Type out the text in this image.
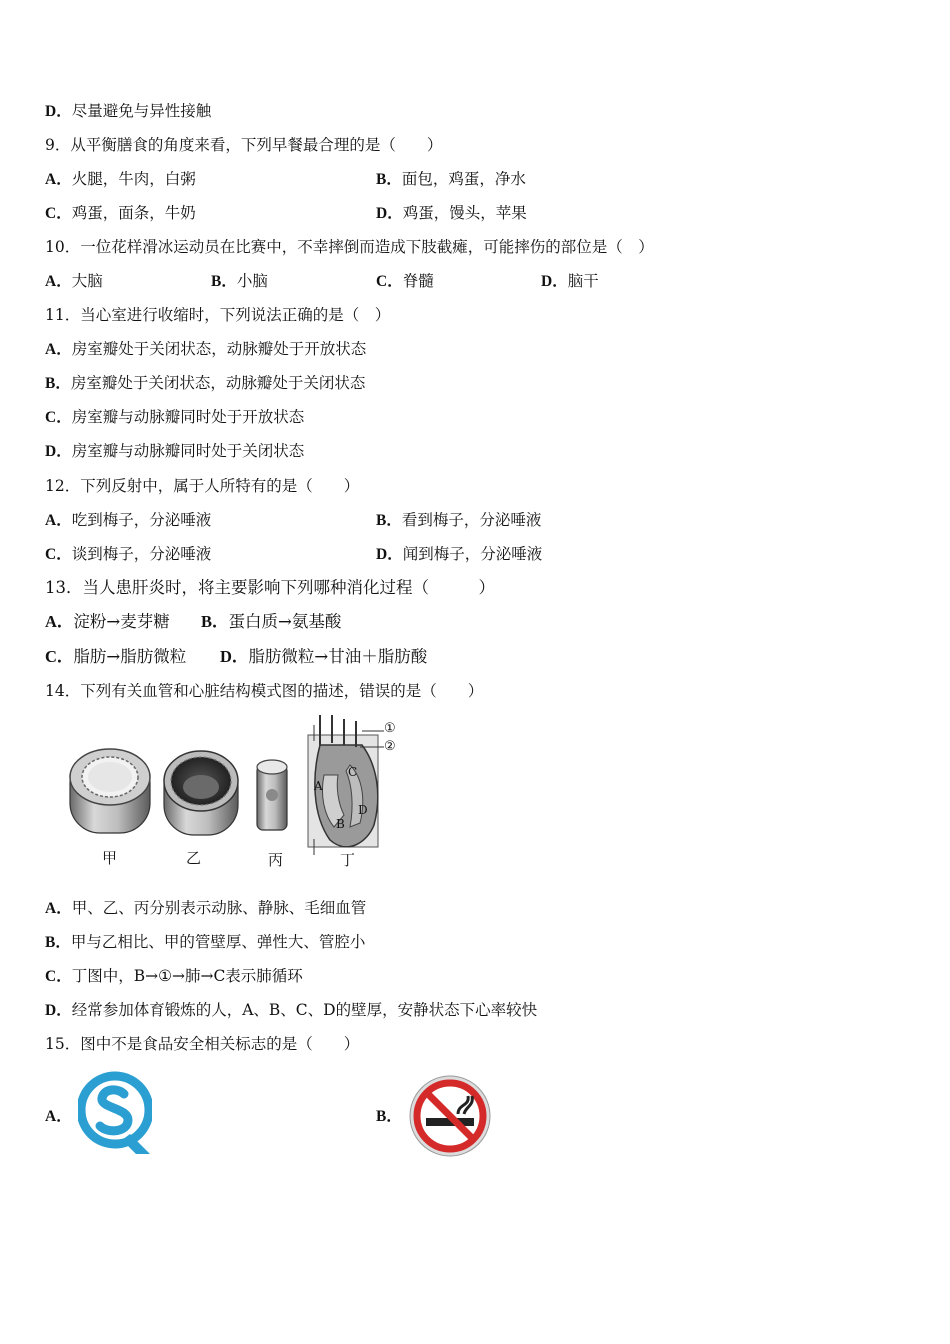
D．尽量避免与异性接触
9．从平衡膳食的角度来看，下列早餐最合理的是（　　）
A．火腿，牛肉，白粥	B．面包，鸡蛋，净水
C．鸡蛋，面条，牛奶	D．鸡蛋，馒头，苹果
10．一位花样滑冰运动员在比赛中，不幸摔倒而造成下肢截瘫，可能摔伤的部位是（　）
A．大脑	B．小脑	C．脊髓	D．脑干
11．当心室进行收缩时，下列说法正确的是（　）
A．房室瓣处于关闭状态，动脉瓣处于开放状态
B．房室瓣处于关闭状态，动脉瓣处于关闭状态
C．房室瓣与动脉瓣同时处于开放状态
D．房室瓣与动脉瓣同时处于关闭状态
12．下列反射中，属于人所特有的是（　　）
A．吃到梅子，分泌唾液	B．看到梅子，分泌唾液
C．谈到梅子，分泌唾液	D．闻到梅子，分泌唾液
13．当人患肝炎时，将主要影响下列哪种消化过程（　　　）
A．淀粉→麦芽糖 B．蛋白质→氨基酸
C．脂肪→脂肪微粒 D．脂肪微粒→甘油＋脂肪酸
14．下列有关血管和心脏结构模式图的描述，错误的是（　　）
①
②
A
B
C
D
甲	乙	丙	丁
A．甲、乙、丙分别表示动脉、静脉、毛细血管
B．甲与乙相比、甲的管壁厚、弹性大、管腔小
C．丁图中，B→①→肺→C表示肺循环
D．经常参加体育锻炼的人，A、B、C、D的壁厚，安静状态下心率较快
15．图中不是食品安全相关标志的是（　　）
A．	B．
